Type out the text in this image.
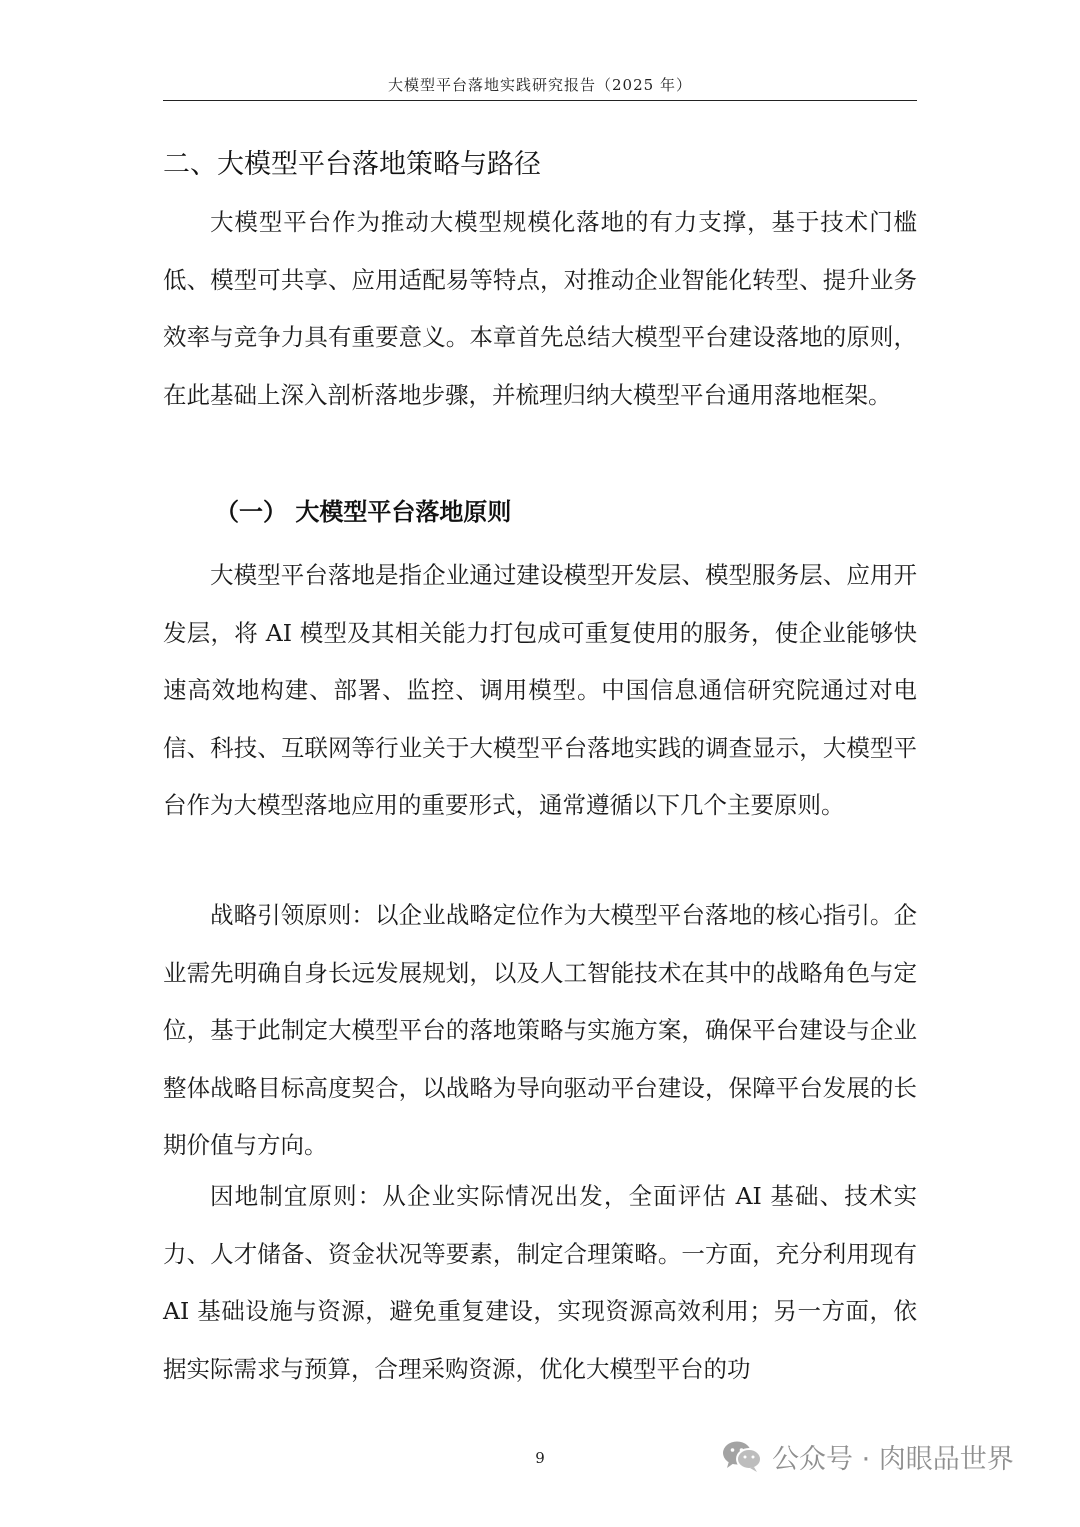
大模型平台落地实践研究报告（2025 年）
二、大模型平台落地策略与路径

大模型平台作为推动大模型规模化落地的有力支撑，基于技术门槛低、模型可共享、应用适配易等特点，对推动企业智能化转型、提升业务效率与竞争力具有重要意义。本章首先总结大模型平台建设落地的原则，在此基础上深入剖析落地步骤，并梳理归纳大模型平台通用落地框架。

（一） 大模型平台落地原则

大模型平台落地是指企业通过建设模型开发层、模型服务层、应用开发层，将 AI 模型及其相关能力打包成可重复使用的服务，使企业能够快速高效地构建、部署、监控、调用模型。中国信息通信研究院通过对电信、科技、互联网等行业关于大模型平台落地实践的调查显示，大模型平台作为大模型落地应用的重要形式，通常遵循以下几个主要原则。

战略引领原则：以企业战略定位作为大模型平台落地的核心指引。企业需先明确自身长远发展规划，以及人工智能技术在其中的战略角色与定位，基于此制定大模型平台的落地策略与实施方案，确保平台建设与企业整体战略目标高度契合，以战略为导向驱动平台建设，保障平台发展的长期价值与方向。

因地制宜原则：从企业实际情况出发，全面评估 AI 基础、技术实力、人才储备、资金状况等要素，制定合理策略。一方面，充分利用现有 AI 基础设施与资源，避免重复建设，实现资源高效利用；另一方面，依据实际需求与预算，合理采购资源，优化大模型平台的功

9	公众号 · 肉眼品世界
